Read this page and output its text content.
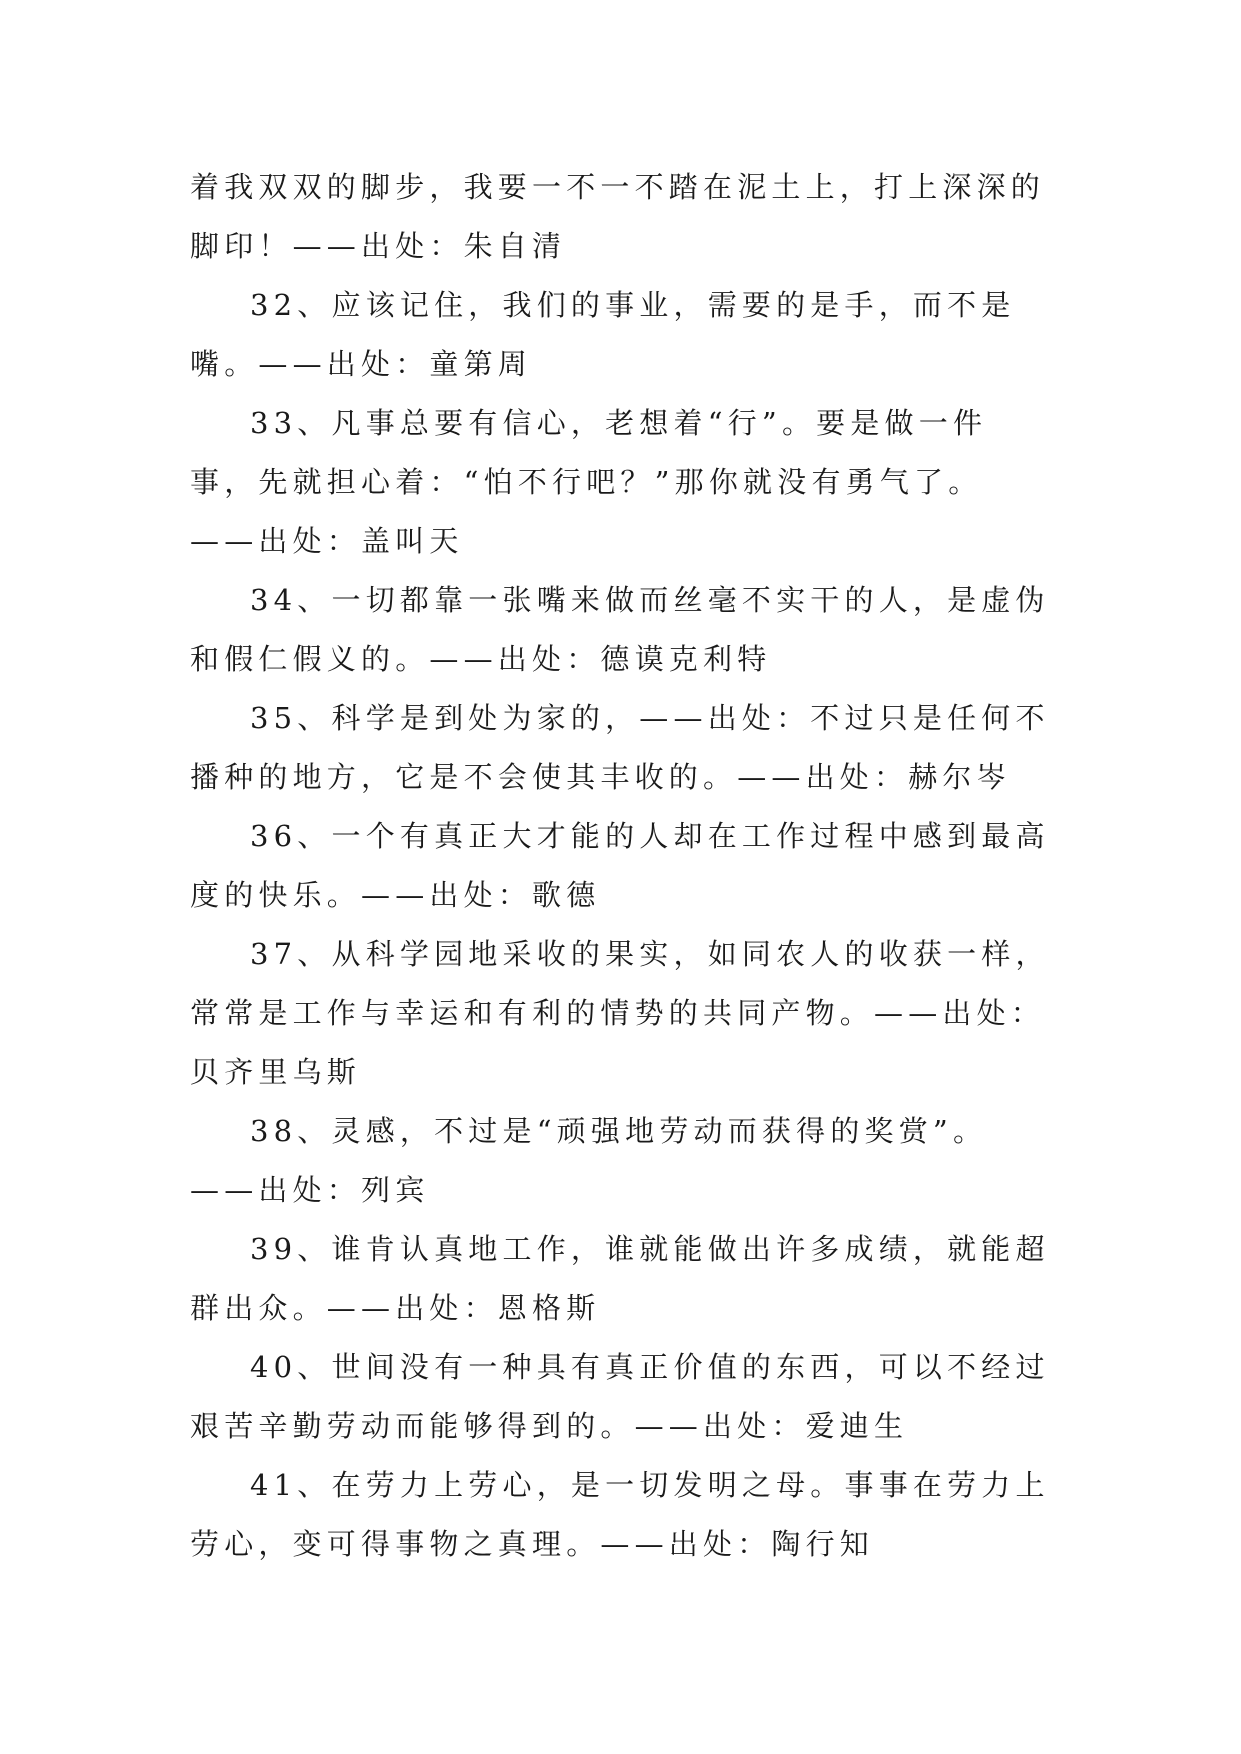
着我双双的脚步，我要一不一不踏在泥土上，打上深深的脚印！——出处：朱自清

32、应该记住，我们的事业，需要的是手，而不是嘴。——出处：童第周

33、凡事总要有信心，老想着“行”。要是做一件事，先就担心着：“怕不行吧？”那你就没有勇气了。——出处：盖叫天

34、一切都靠一张嘴来做而丝毫不实干的人，是虚伪和假仁假义的。——出处：德谟克利特

35、科学是到处为家的，——出处：不过只是任何不播种的地方，它是不会使其丰收的。——出处：赫尔岑

36、一个有真正大才能的人却在工作过程中感到最高度的快乐。——出处：歌德

37、从科学园地采收的果实，如同农人的收获一样，常常是工作与幸运和有利的情势的共同产物。——出处：贝齐里乌斯

38、灵感，不过是“顽强地劳动而获得的奖赏”。——出处：列宾

39、谁肯认真地工作，谁就能做出许多成绩，就能超群出众。——出处：恩格斯

40、世间没有一种具有真正价值的东西，可以不经过艰苦辛勤劳动而能够得到的。——出处：爱迪生

41、在劳力上劳心，是一切发明之母。事事在劳力上劳心，变可得事物之真理。——出处：陶行知
